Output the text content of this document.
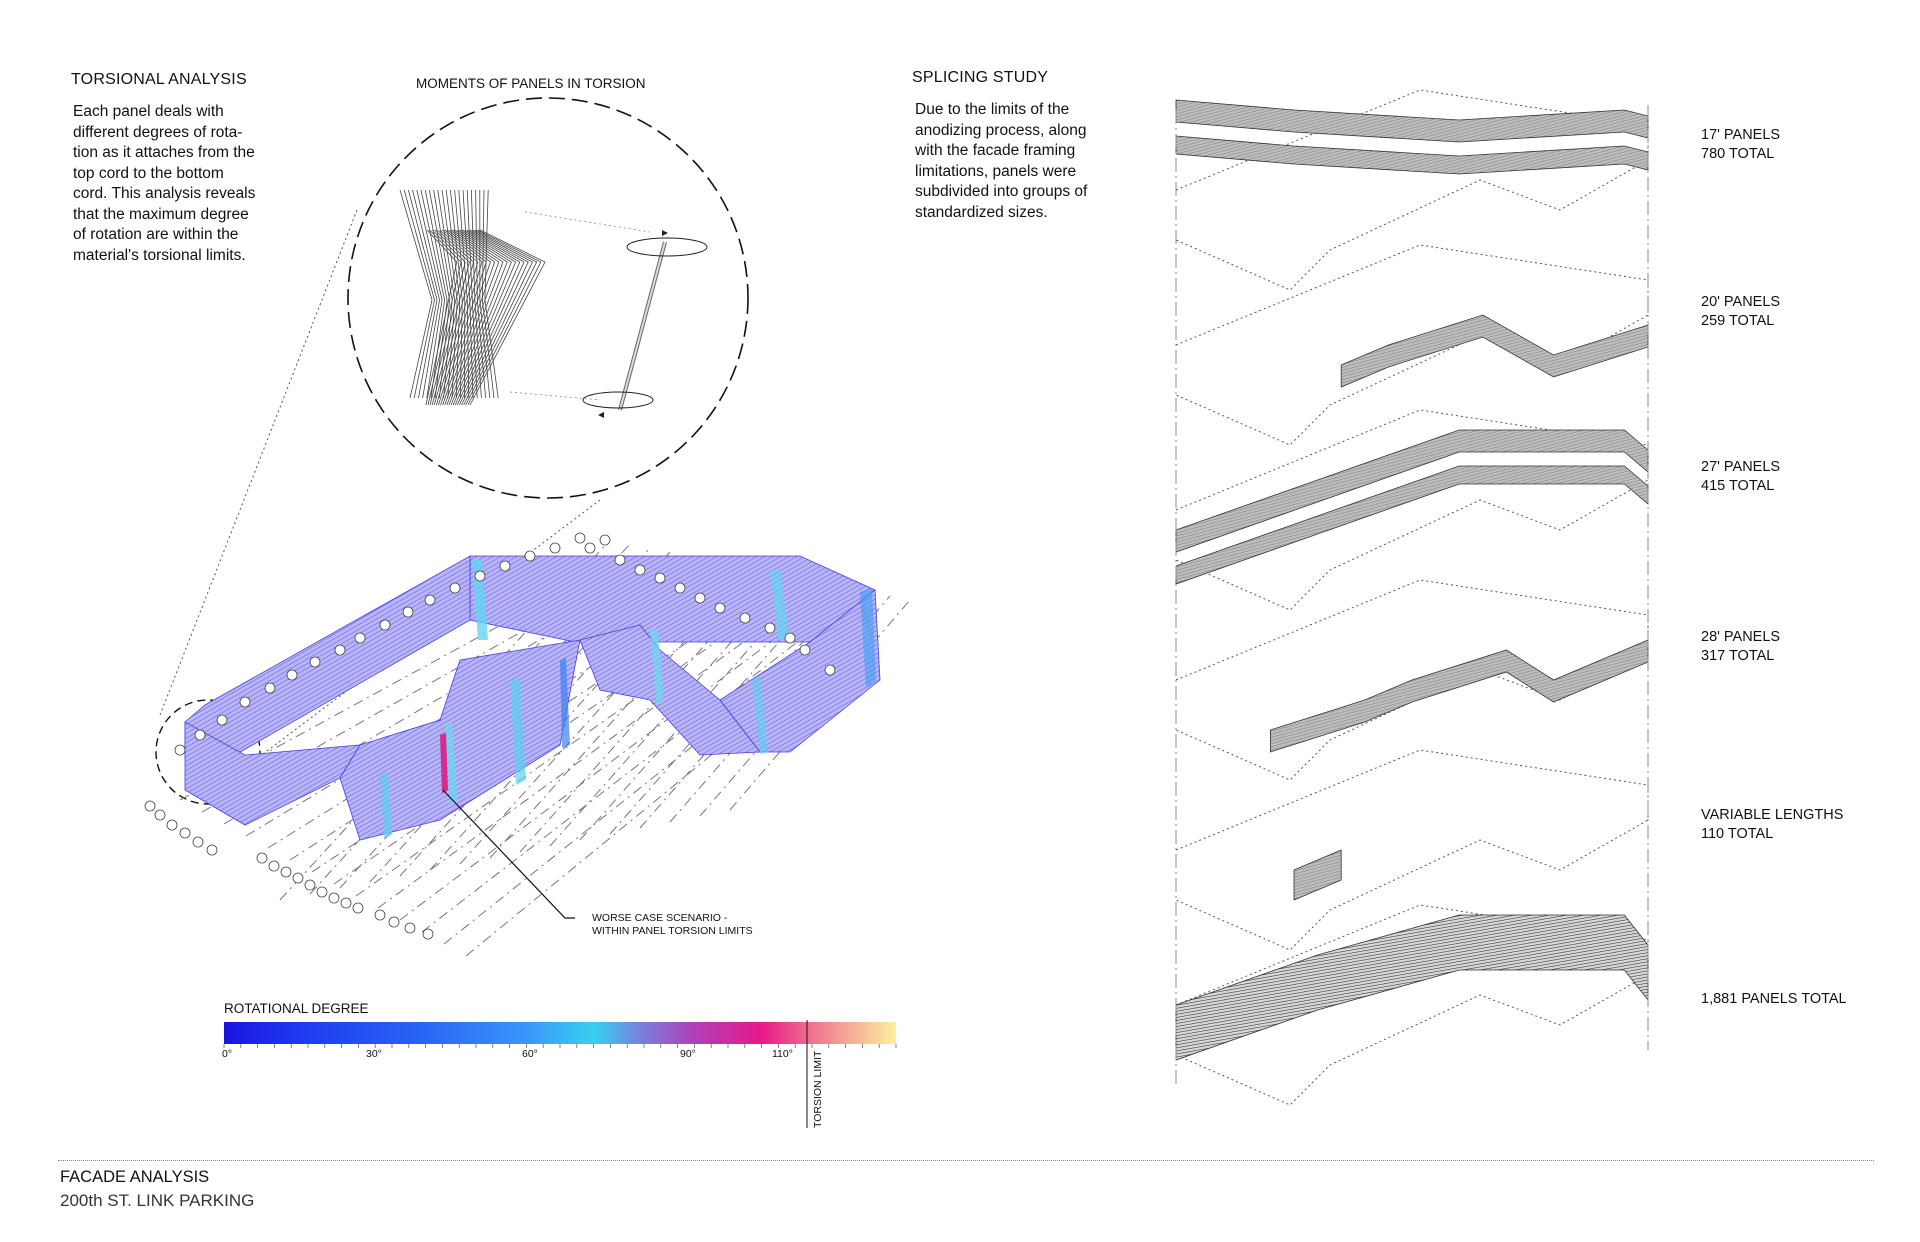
TORSIONAL ANALYSIS
Each panel deals with
different degrees of rota-
tion as it attaches from the
top cord to the bottom
cord. This analysis reveals
that the maximum degree
of rotation are within the
material's torsional limits.
MOMENTS OF PANELS IN TORSION
WORSE CASE SCENARIO -
WITHIN PANEL TORSION LIMITS
ROTATIONAL DEGREE
0°	30°	60°	90°	110° TORSION LIMIT
SPLICING STUDY
Due to the limits of the
anodizing process, along
with the facade framing
limitations, panels were
subdivided into groups of
standardized sizes.
17' PANELS
780 TOTAL
20' PANELS
259 TOTAL
27' PANELS
415 TOTAL
28' PANELS
317 TOTAL
VARIABLE LENGTHS
110 TOTAL
1,881 PANELS TOTAL
FACADE ANALYSIS
200th ST. LINK PARKING
